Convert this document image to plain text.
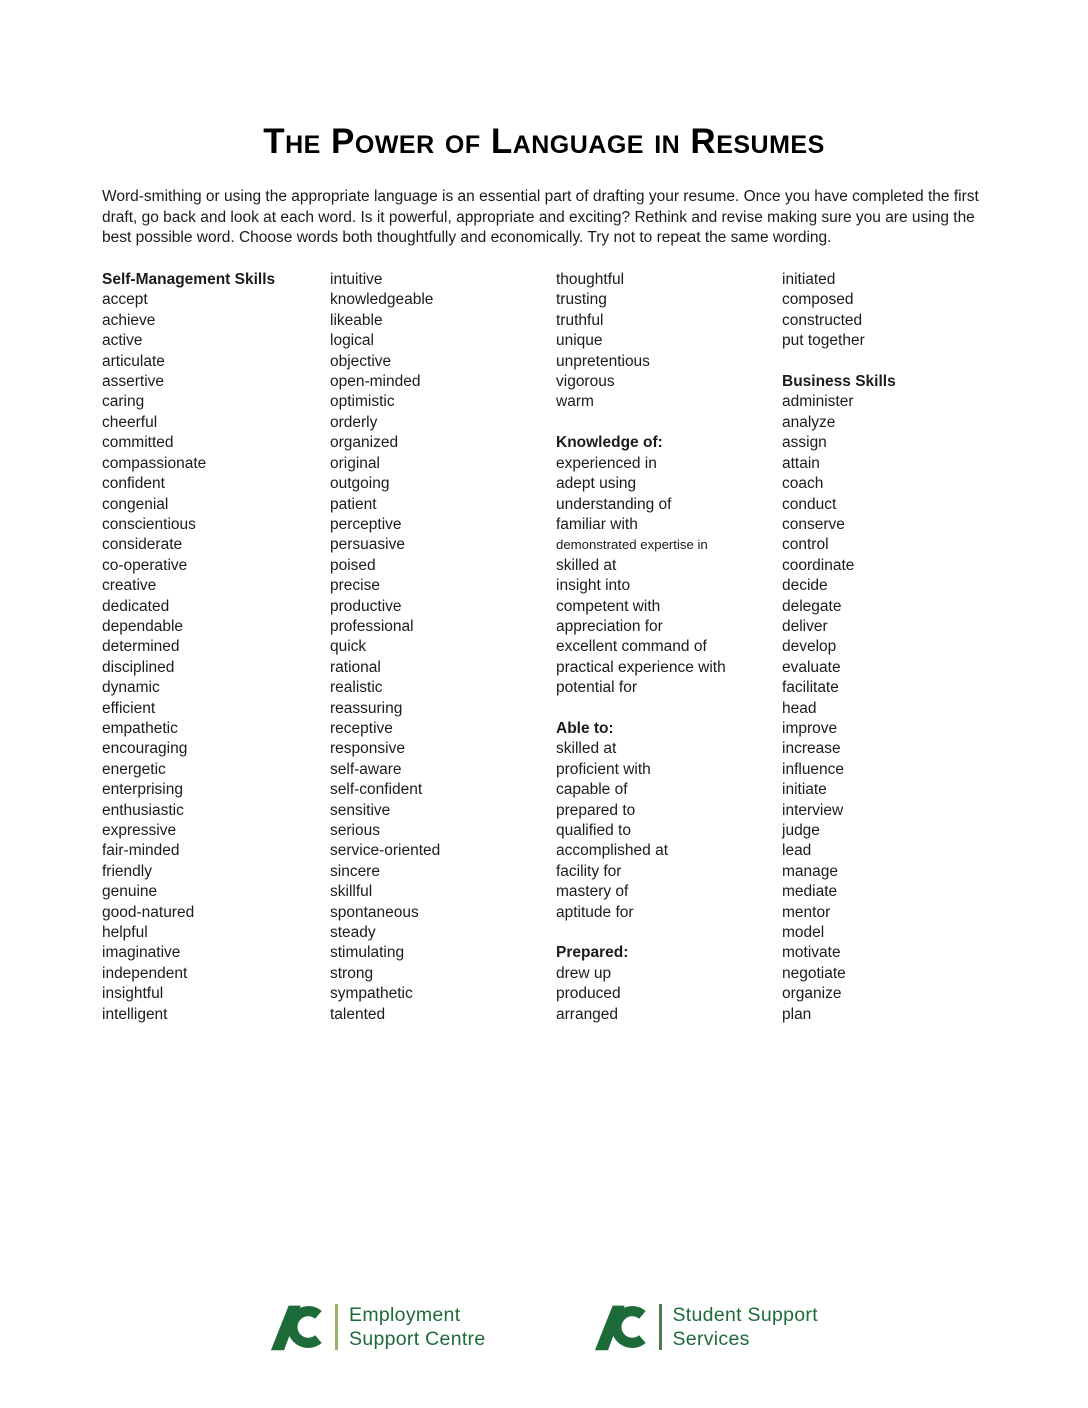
The Power of Language in Resumes

Word-smithing or using the appropriate language is an essential part of drafting your resume. Once you have completed the first draft, go back and look at each word. Is it powerful, appropriate and exciting? Rethink and revise making sure you are using the best possible word. Choose words both thoughtfully and economically. Try not to repeat the same wording.

Self-Management Skills
accept
achieve
active
articulate
assertive
caring
cheerful
committed
compassionate
confident
congenial
conscientious
considerate
co-operative
creative
dedicated
dependable
determined
disciplined
dynamic
efficient
empathetic
encouraging
energetic
enterprising
enthusiastic
expressive
fair-minded
friendly
genuine
good-natured
helpful
imaginative
independent
insightful
intelligent
intuitive
knowledgeable
likeable
logical
objective
open-minded
optimistic
orderly
organized
original
outgoing
patient
perceptive
persuasive
poised
precise
productive
professional
quick
rational
realistic
reassuring
receptive
responsive
self-aware
self-confident
sensitive
serious
service-oriented
sincere
skillful
spontaneous
steady
stimulating
strong
sympathetic
talented
thoughtful
trusting
truthful
unique
unpretentious
vigorous
warm

Knowledge of:
experienced in
adept using
understanding of
familiar with
demonstrated expertise in
skilled at
insight into
competent with
appreciation for
excellent command of
practical experience with
potential for

Able to:
skilled at
proficient with
capable of
prepared to
qualified to
accomplished at
facility for
mastery of
aptitude for

Prepared:
drew up
produced
arranged
initiated
composed
constructed
put together

Business Skills
administer
analyze
assign
attain
coach
conduct
conserve
control
coordinate
decide
delegate
deliver
develop
evaluate
facilitate
head
improve
increase
influence
initiate
interview
judge
lead
manage
mediate
mentor
model
motivate
negotiate
organize
plan
Employment
Support Centre
Student Support
Services
